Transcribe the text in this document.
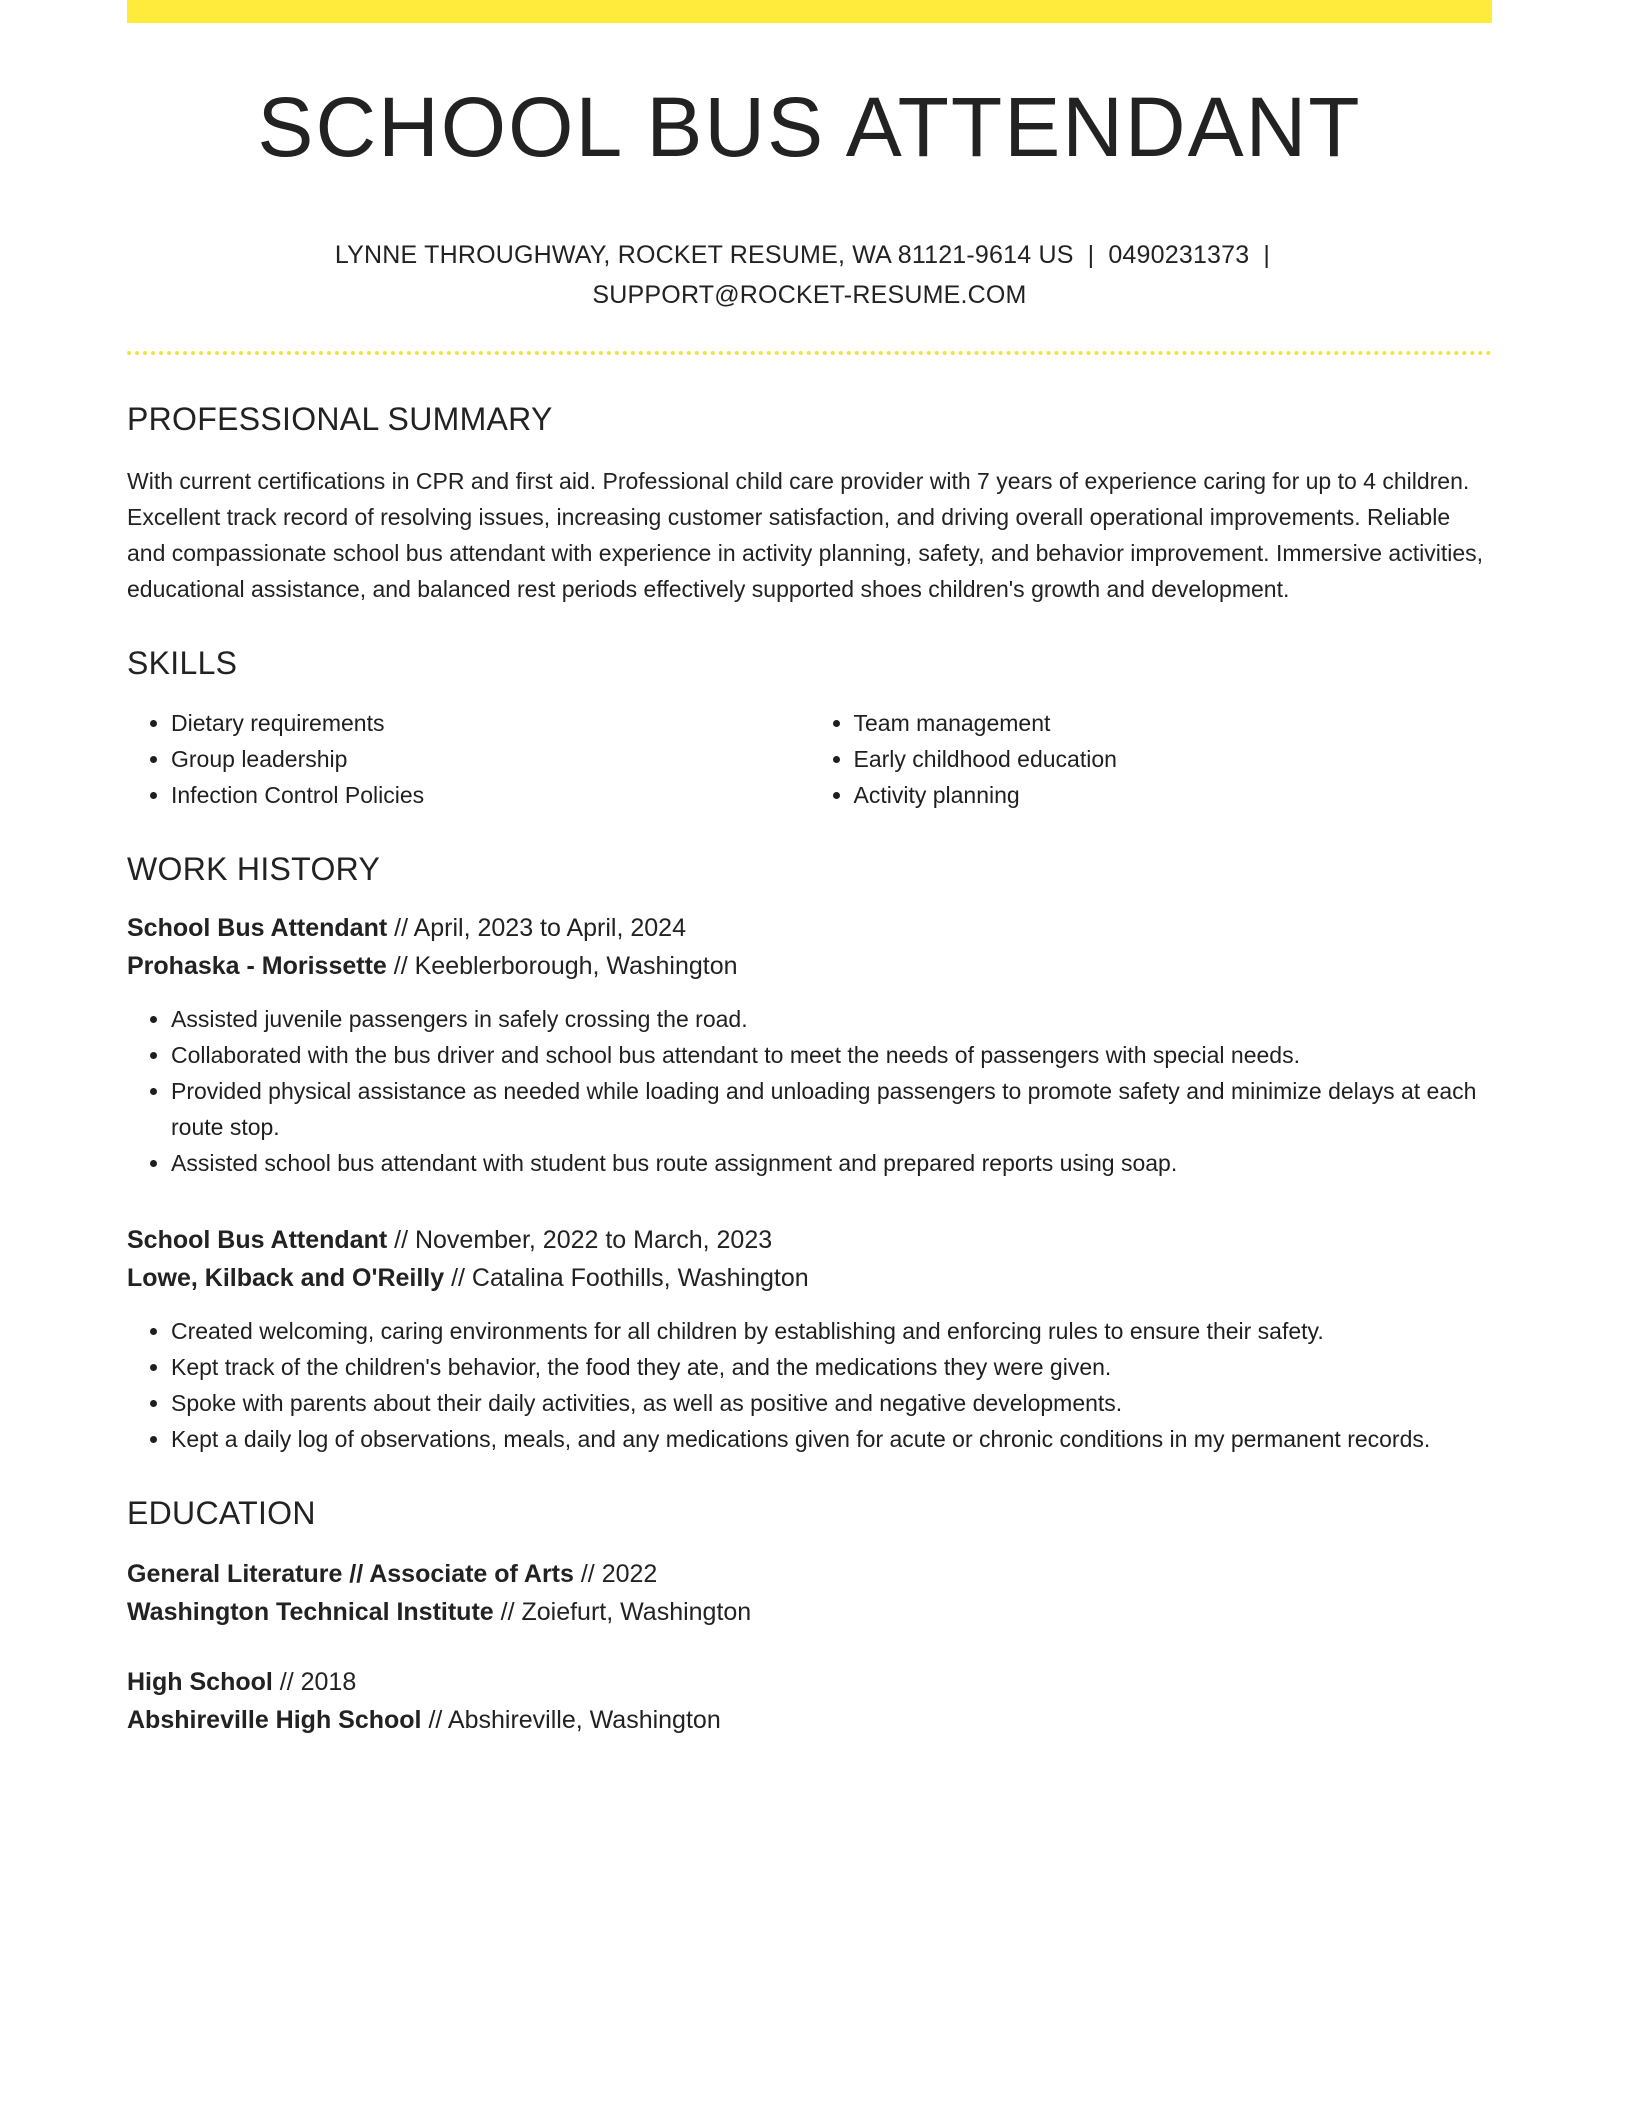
SCHOOL BUS ATTENDANT
LYNNE THROUGHWAY, ROCKET RESUME, WA 81121-9614 US | 0490231373 |
SUPPORT@ROCKET-RESUME.COM
PROFESSIONAL SUMMARY
With current certifications in CPR and first aid. Professional child care provider with 7 years of experience caring for up to 4 children. Excellent track record of resolving issues, increasing customer satisfaction, and driving overall operational improvements. Reliable and compassionate school bus attendant with experience in activity planning, safety, and behavior improvement. Immersive activities, educational assistance, and balanced rest periods effectively supported shoes children's growth and development.
SKILLS
• Dietary requirements
• Group leadership
• Infection Control Policies
• Team management
• Early childhood education
• Activity planning
WORK HISTORY
School Bus Attendant // April, 2023 to April, 2024
Prohaska - Morissette // Keeblerborough, Washington
• Assisted juvenile passengers in safely crossing the road.
• Collaborated with the bus driver and school bus attendant to meet the needs of passengers with special needs.
• Provided physical assistance as needed while loading and unloading passengers to promote safety and minimize delays at each route stop.
• Assisted school bus attendant with student bus route assignment and prepared reports using soap.
School Bus Attendant // November, 2022 to March, 2023
Lowe, Kilback and O'Reilly // Catalina Foothills, Washington
• Created welcoming, caring environments for all children by establishing and enforcing rules to ensure their safety.
• Kept track of the children's behavior, the food they ate, and the medications they were given.
• Spoke with parents about their daily activities, as well as positive and negative developments.
• Kept a daily log of observations, meals, and any medications given for acute or chronic conditions in my permanent records.
EDUCATION
General Literature // Associate of Arts // 2022
Washington Technical Institute // Zoiefurt, Washington
High School // 2018
Abshireville High School // Abshireville, Washington
